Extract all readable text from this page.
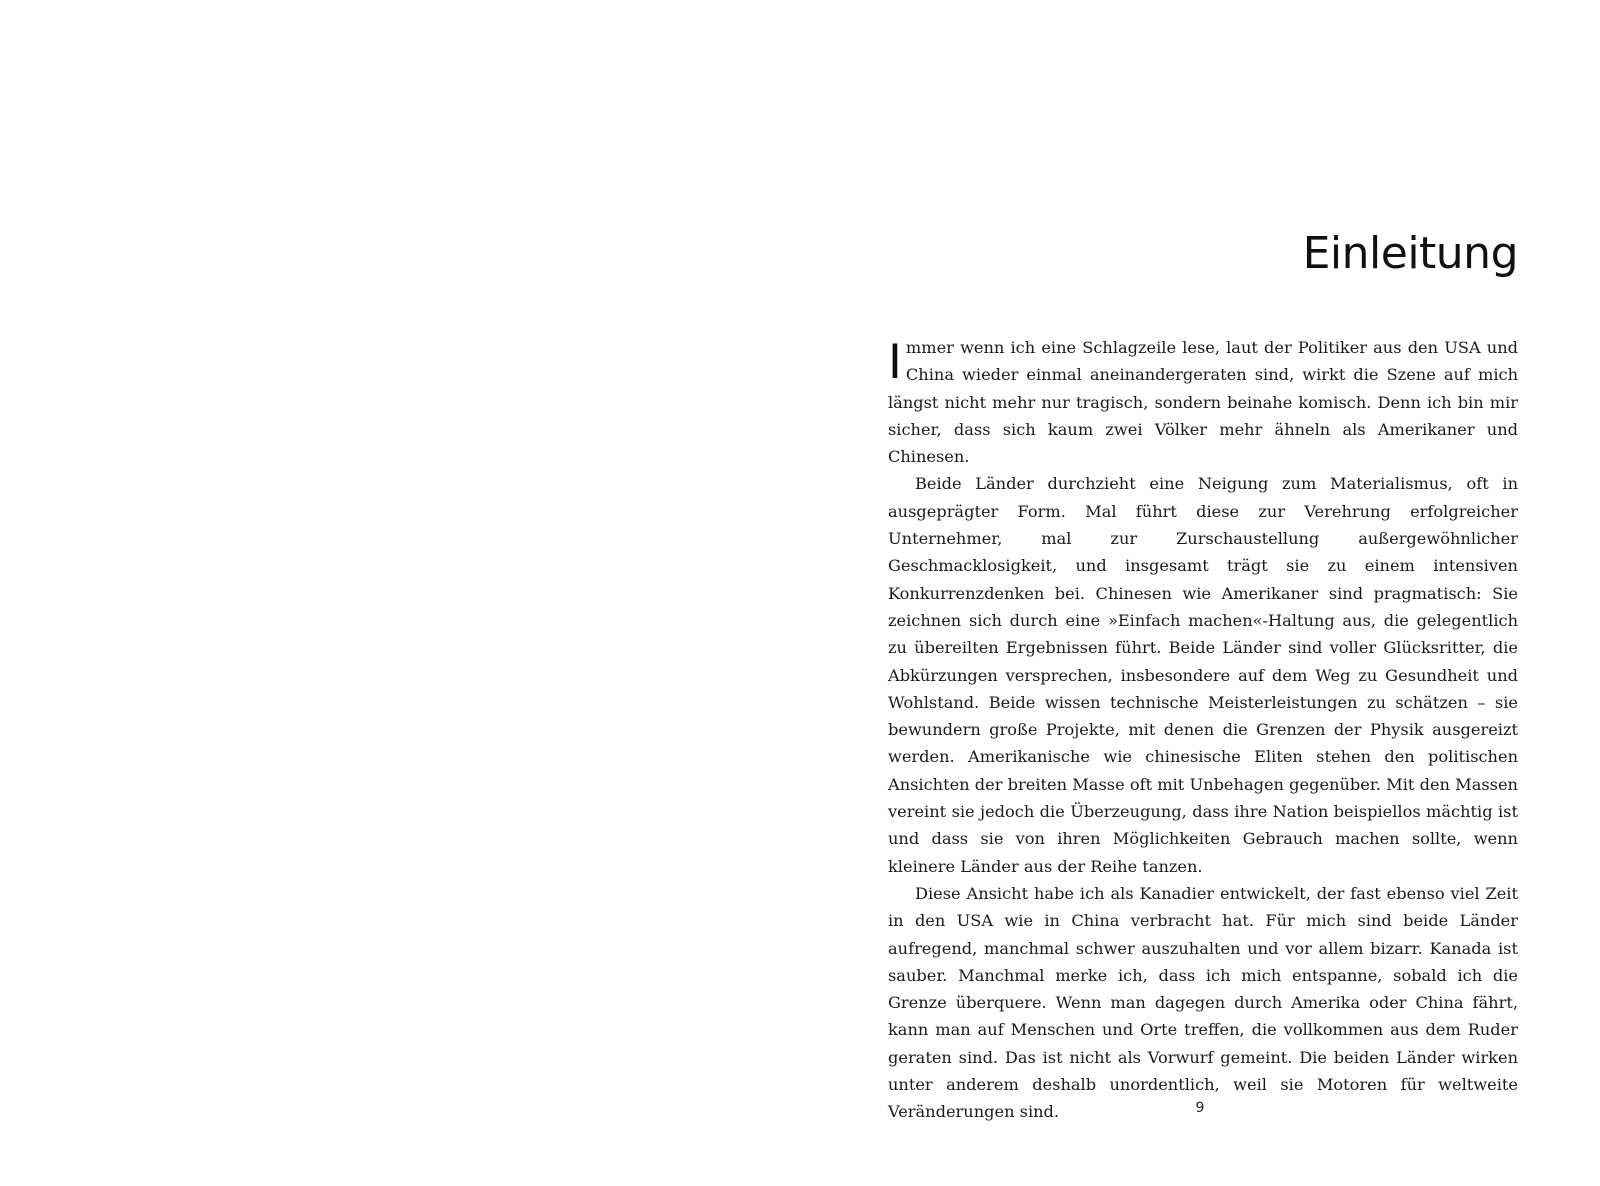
Einleitung

Immer wenn ich eine Schlagzeile lese, laut der Politiker aus den USA und China wieder einmal aneinandergeraten sind, wirkt die Szene auf mich längst nicht mehr nur tragisch, sondern beinahe komisch. Denn ich bin mir sicher, dass sich kaum zwei Völker mehr ähneln als Amerikaner und Chinesen.

Beide Länder durchzieht eine Neigung zum Materialismus, oft in ausgeprägter Form. Mal führt diese zur Verehrung erfolgreicher Unternehmer, mal zur Zurschaustellung außergewöhnlicher Geschmacklosigkeit, und insgesamt trägt sie zu einem intensiven Konkurrenzdenken bei. Chinesen wie Amerikaner sind pragmatisch: Sie zeichnen sich durch eine »Einfach machen«-Haltung aus, die gelegentlich zu übereilten Ergebnissen führt. Beide Länder sind voller Glücksritter, die Abkürzungen versprechen, insbesondere auf dem Weg zu Gesundheit und Wohlstand. Beide wissen technische Meisterleistungen zu schätzen – sie bewundern große Projekte, mit denen die Grenzen der Physik ausgereizt werden. Amerikanische wie chinesische Eliten stehen den politischen Ansichten der breiten Masse oft mit Unbehagen gegenüber. Mit den Massen vereint sie jedoch die Überzeugung, dass ihre Nation beispiellos mächtig ist und dass sie von ihren Möglichkeiten Gebrauch machen sollte, wenn kleinere Länder aus der Reihe tanzen.

Diese Ansicht habe ich als Kanadier entwickelt, der fast ebenso viel Zeit in den USA wie in China verbracht hat. Für mich sind beide Länder aufregend, manchmal schwer auszuhalten und vor allem bizarr. Kanada ist sauber. Manchmal merke ich, dass ich mich entspanne, sobald ich die Grenze überquere. Wenn man dagegen durch Amerika oder China fährt, kann man auf Menschen und Orte treffen, die vollkommen aus dem Ruder geraten sind. Das ist nicht als Vorwurf gemeint. Die beiden Länder wirken unter anderem deshalb unordentlich, weil sie Motoren für weltweite Veränderungen sind.	9
